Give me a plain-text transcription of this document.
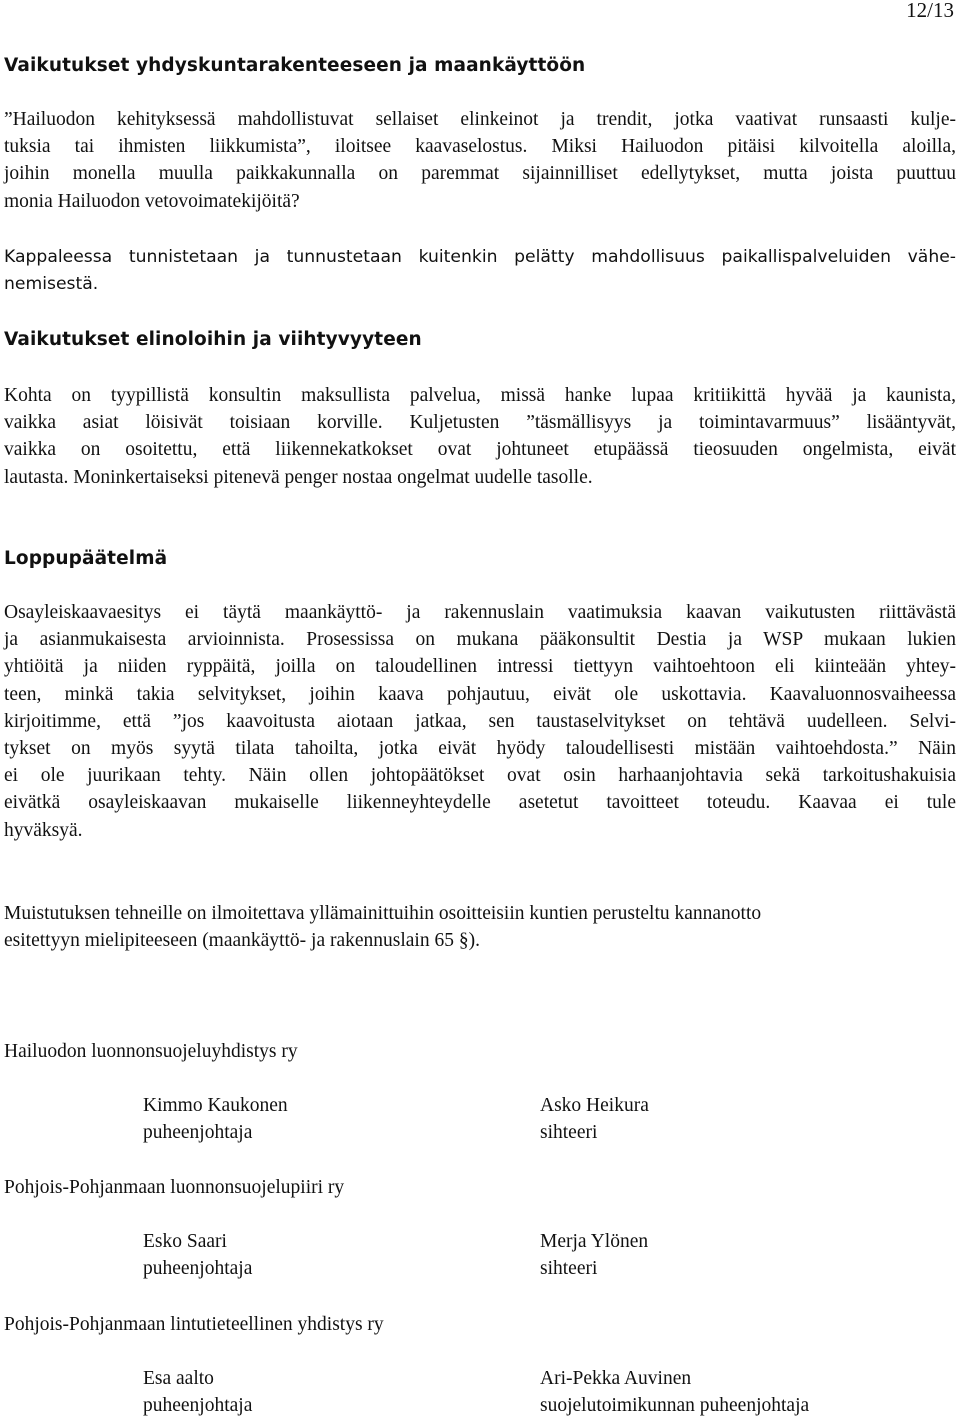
12/13
Vaikutukset yhdyskuntarakenteeseen ja maankäyttöön
”Hailuodon kehityksessä mahdollistuvat sellaiset elinkeinot ja trendit, jotka vaativat runsaasti kulje-
tuksia tai ihmisten liikkumista”, iloitsee kaavaselostus. Miksi Hailuodon pitäisi kilvoitella aloilla,
joihin monella muulla paikkakunnalla on paremmat sijainnilliset edellytykset, mutta joista puuttuu
monia Hailuodon vetovoimatekijöitä?
Kappaleessa tunnistetaan ja tunnustetaan kuitenkin pelätty mahdollisuus paikallispalveluiden vähe-
nemisestä.
Vaikutukset elinoloihin ja viihtyvyyteen
Kohta on tyypillistä konsultin maksullista palvelua, missä hanke lupaa kritiikittä hyvää ja kaunista,
vaikka asiat löisivät toisiaan korville. Kuljetusten ”täsmällisyys ja toimintavarmuus” lisääntyvät,
vaikka on osoitettu, että liikennekatkokset ovat johtuneet etupäässä tieosuuden ongelmista, eivät
lautasta. Moninkertaiseksi pitenevä penger nostaa ongelmat uudelle tasolle.
Loppupäätelmä
Osayleiskaavaesitys ei täytä maankäyttö- ja rakennuslain vaatimuksia kaavan vaikutusten riittävästä
ja asianmukaisesta arvioinnista. Prosessissa on mukana pääkonsultit Destia ja WSP mukaan lukien
yhtiöitä ja niiden ryppäitä, joilla on taloudellinen intressi tiettyyn vaihtoehtoon eli kiinteään yhtey-
teen, minkä takia selvitykset, joihin kaava pohjautuu, eivät ole uskottavia. Kaavaluonnosvaiheessa
kirjoitimme, että ”jos kaavoitusta aiotaan jatkaa, sen taustaselvitykset on tehtävä uudelleen. Selvi-
tykset on myös syytä tilata tahoilta, jotka eivät hyödy taloudellisesti mistään vaihtoehdosta.” Näin
ei ole juurikaan tehty. Näin ollen johtopäätökset ovat osin harhaanjohtavia sekä tarkoitushakuisia
eivätkä osayleiskaavan mukaiselle liikenneyhteydelle asetetut tavoitteet toteudu. Kaavaa ei tule
hyväksyä.
Muistutuksen tehneille on ilmoitettava yllämainittuihin osoitteisiin kuntien perusteltu kannanotto
esitettyyn mielipiteeseen (maankäyttö- ja rakennuslain 65 §).
Hailuodon luonnonsuojeluyhdistys ry
Kimmo Kaukonen
puheenjohtaja
Asko Heikura
sihteeri
Pohjois-Pohjanmaan luonnonsuojelupiiri ry
Esko Saari
puheenjohtaja
Merja Ylönen
sihteeri
Pohjois-Pohjanmaan lintutieteellinen yhdistys ry
Esa aalto
puheenjohtaja
Ari-Pekka Auvinen
suojelutoimikunnan puheenjohtaja
